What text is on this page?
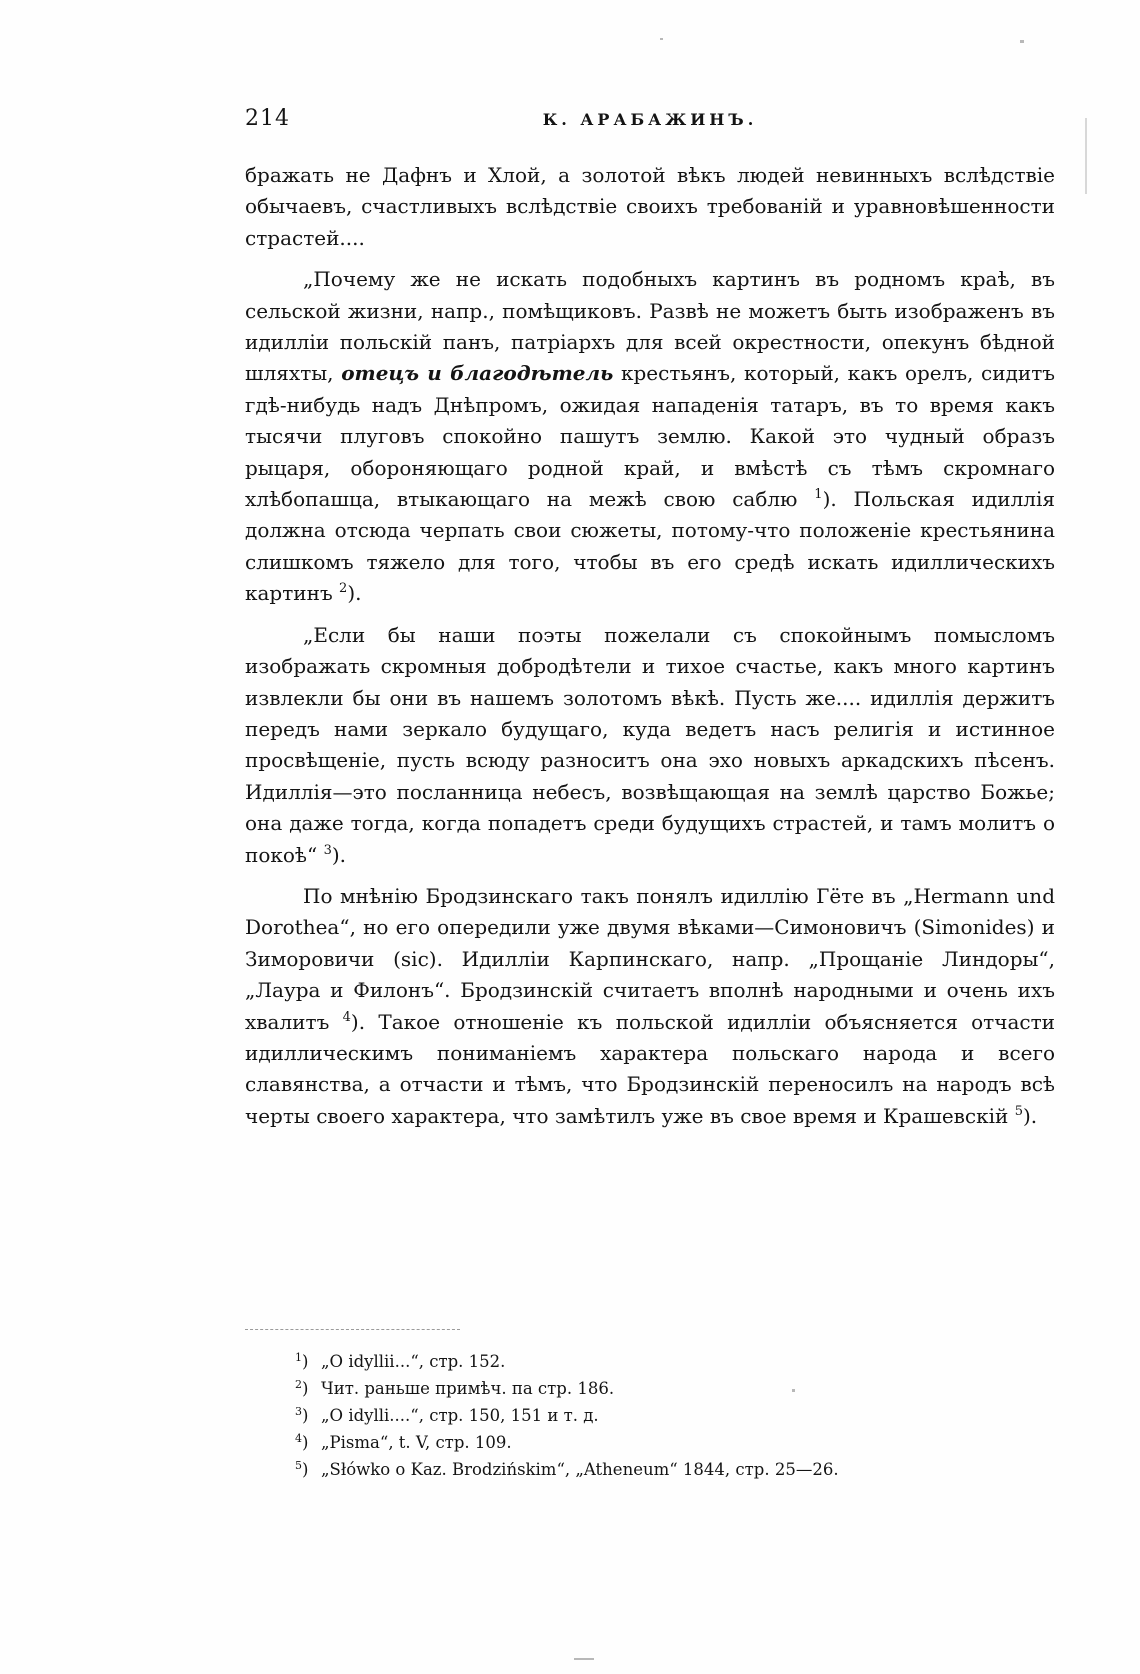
214	К. АРАБАЖИНЪ.

бражать не Дафнъ и Хлой, а золотой вѣкъ людей невинныхъ вслѣдствіе обычаевъ, счастливыхъ вслѣдствіе своихъ требованій и уравновѣшенности страстей....

„Почему же не искать подобныхъ картинъ въ родномъ краѣ, въ сельской жизни, напр., помѣщиковъ. Развѣ не можетъ быть изображенъ въ идилліи польскій панъ, патріархъ для всей окрестности, опекунъ бѣдной шляхты, отецъ и благодѣтель крестьянъ, который, какъ орелъ, сидитъ гдѣ-нибудь надъ Днѣпромъ, ожидая нападенія татаръ, въ то время какъ тысячи плуговъ спокойно пашутъ землю. Какой это чудный образъ рыцаря, обороняющаго родной край, и вмѣстѣ съ тѣмъ скромнаго хлѣбопашца, втыкающаго на межѣ свою саблю $^1$). Польская идиллія должна отсюда черпать свои сюжеты, потому-что положеніе крестьянина слишкомъ тяжело для того, чтобы въ его средѣ искать идиллическихъ картинъ $^2$).

„Если бы наши поэты пожелали съ спокойнымъ помысломъ изображать скромныя добродѣтели и тихое счастье, какъ много картинъ извлекли бы они въ нашемъ золотомъ вѣкѣ. Пусть же.... идиллія держитъ передъ нами зеркало будущаго, куда ведетъ насъ религія и истинное просвѣщеніе, пусть всюду разноситъ она эхо новыхъ аркадскихъ пѣсенъ. Идиллія—это посланница небесъ, возвѣщающая на землѣ царство Божье; она даже тогда, когда попадетъ среди будущихъ страстей, и тамъ молитъ о покоѣ“ $^3$).

По мнѣнію Бродзинскаго такъ понялъ идиллію Гёте въ „Hermann und Dorothea“, но его опередили уже двумя вѣками—Симоновичъ (Simonides) и Зиморовичи (sic). Идилліи Карпинскаго, напр. „Прощаніе Линдоры“, „Лаура и Филонъ“. Бродзинскій считаетъ вполнѣ народными и очень ихъ хвалитъ $^4$). Такое отношеніе къ польской идилліи объясняется отчасти идиллическимъ пониманіемъ характера польскаго народа и всего славянства, а отчасти и тѣмъ, что Бродзинскій переносилъ на народъ всѣ черты своего характера, что замѣтилъ уже въ свое время и Крашевскій $^5$).

$^1$) „O idyllii...“, стр. 152.
$^2$) Чит. раньше примѣч. па стр. 186.
$^3$) „O idylli....“, стр. 150, 151 и т. д.
$^4$) „Pisma“, t. V, стр. 109.
$^5$) „Słówko o Kaz. Brodzińskim“, „Atheneum“ 1844, стр. 25—26.
